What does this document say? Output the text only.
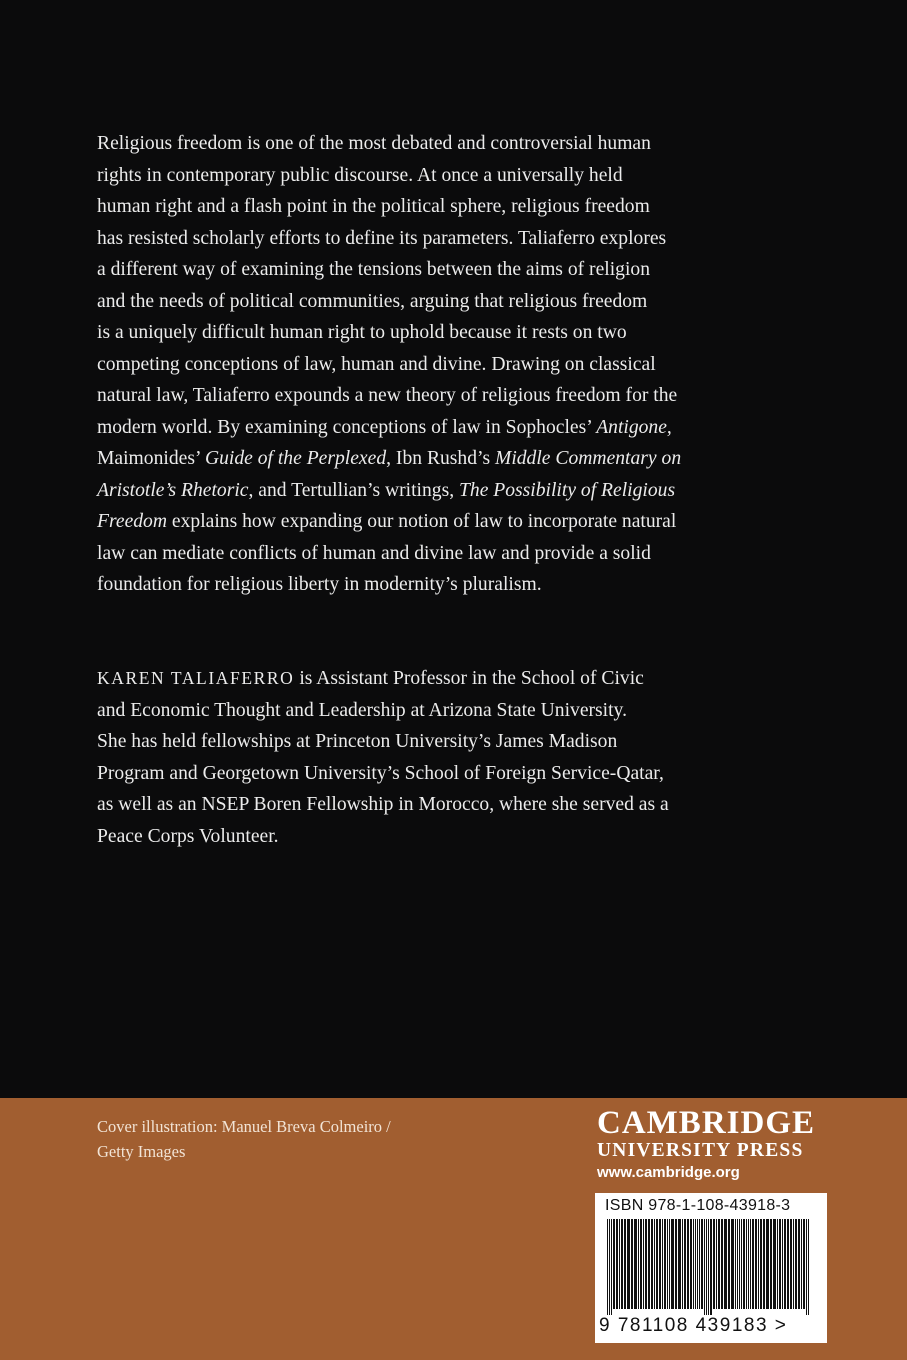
Religious freedom is one of the most debated and controversial human
rights in contemporary public discourse. At once a universally held
human right and a flash point in the political sphere, religious freedom
has resisted scholarly efforts to define its parameters. Taliaferro explores
a different way of examining the tensions between the aims of religion
and the needs of political communities, arguing that religious freedom
is a uniquely difficult human right to uphold because it rests on two
competing conceptions of law, human and divine. Drawing on classical
natural law, Taliaferro expounds a new theory of religious freedom for the
modern world. By examining conceptions of law in Sophocles’ Antigone,
Maimonides’ Guide of the Perplexed, Ibn Rushd’s Middle Commentary on
Aristotle’s Rhetoric, and Tertullian’s writings, The Possibility of Religious
Freedom explains how expanding our notion of law to incorporate natural
law can mediate conflicts of human and divine law and provide a solid
foundation for religious liberty in modernity’s pluralism.
KAREN TALIAFERRO is Assistant Professor in the School of Civic
and Economic Thought and Leadership at Arizona State University.
She has held fellowships at Princeton University’s James Madison
Program and Georgetown University’s School of Foreign Service-Qatar,
as well as an NSEP Boren Fellowship in Morocco, where she served as a
Peace Corps Volunteer.
Cover illustration: Manuel Breva Colmeiro /
Getty Images
CAMBRIDGE
UNIVERSITY PRESS
www.cambridge.org
ISBN 978-1-108-43918-3
9 781108 439183 >
